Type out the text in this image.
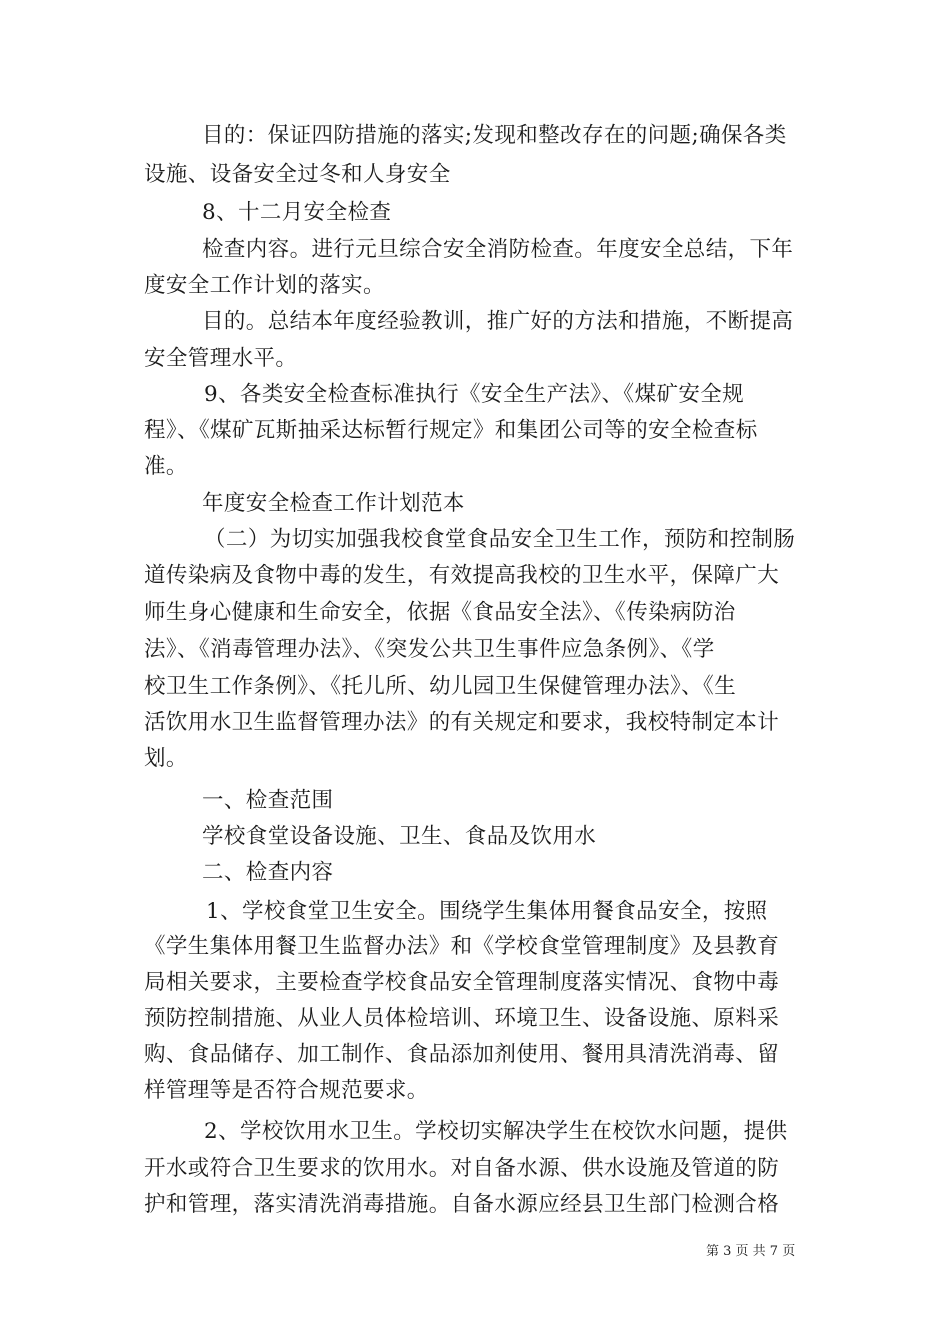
目的：保证四防措施的落实;发现和整改存在的问题;确保各类
设施、设备安全过冬和人身安全
8、十二月安全检查
检查内容。进行元旦综合安全消防检查。年度安全总结，下年
度安全工作计划的落实。
目的。总结本年度经验教训，推广好的方法和措施，不断提高
安全管理水平。
9、各类安全检查标准执行《安全生产法》、《煤矿安全规
程》、《煤矿瓦斯抽采达标暂行规定》和集团公司等的安全检查标
准。
年度安全检查工作计划范本
（二）为切实加强我校食堂食品安全卫生工作，预防和控制肠
道传染病及食物中毒的发生，有效提高我校的卫生水平，保障广大
师生身心健康和生命安全，依据《食品安全法》、《传染病防治
法》、《消毒管理办法》、《突发公共卫生事件应急条例》、《学
校卫生工作条例》、《托儿所、幼儿园卫生保健管理办法》、《生
活饮用水卫生监督管理办法》的有关规定和要求，我校特制定本计
划。
一、检查范围
学校食堂设备设施、卫生、食品及饮用水
二、检查内容
1、学校食堂卫生安全。围绕学生集体用餐食品安全，按照
《学生集体用餐卫生监督办法》和《学校食堂管理制度》及县教育
局相关要求，主要检查学校食品安全管理制度落实情况、食物中毒
预防控制措施、从业人员体检培训、环境卫生、设备设施、原料采
购、食品储存、加工制作、食品添加剂使用、餐用具清洗消毒、留
样管理等是否符合规范要求。
2、学校饮用水卫生。学校切实解决学生在校饮水问题，提供
开水或符合卫生要求的饮用水。对自备水源、供水设施及管道的防
护和管理，落实清洗消毒措施。自备水源应经县卫生部门检测合格
第 3 页 共 7 页
